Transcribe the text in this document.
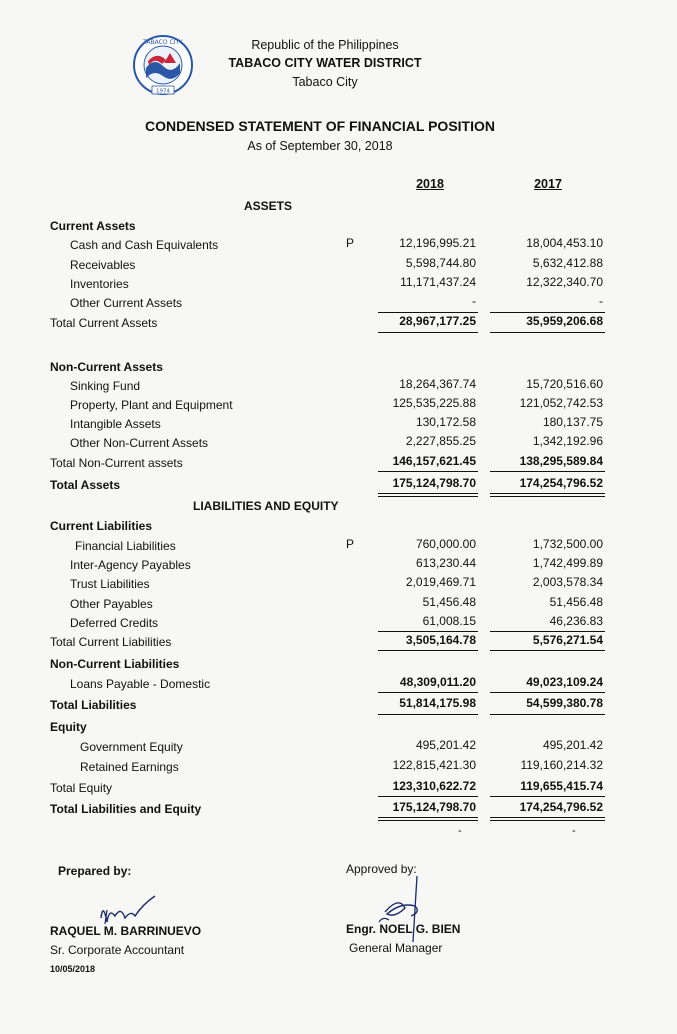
TABACO CITY
1974
Republic of the Philippines
TABACO CITY WATER DISTRICT
Tabaco City
CONDENSED STATEMENT OF FINANCIAL POSITION
As of September 30, 2018
2018	2017
ASSETS
Current Assets
Cash and Cash Equivalents	P	12,196,995.21	18,004,453.10
Receivables	5,598,744.80	5,632,412.88
Inventories	11,171,437.24	12,322,340.70
Other Current Assets	-	-
Total Current Assets	28,967,177.25	35,959,206.68
Non-Current Assets
Sinking Fund	18,264,367.74	15,720,516.60
Property, Plant and Equipment	125,535,225.88	121,052,742.53
Intangible Assets	130,172.58	180,137.75
Other Non-Current Assets	2,227,855.25	1,342,192.96
Total Non-Current assets	146,157,621.45	138,295,589.84
Total Assets	175,124,798.70	174,254,796.52
LIABILITIES AND EQUITY
Current Liabilities
Financial Liabilities	P	760,000.00	1,732,500.00
Inter-Agency Payables	613,230.44	1,742,499.89
Trust Liabilities	2,019,469.71	2,003,578.34
Other Payables	51,456.48	51,456.48
Deferred Credits	61,008.15	46,236.83
Total Current Liabilities	3,505,164.78	5,576,271.54
Non-Current Liabilities
Loans Payable - Domestic	48,309,011.20	49,023,109.24
Total Liabilities	51,814,175.98	54,599,380.78
Equity
Government Equity	495,201.42	495,201.42
Retained Earnings	122,815,421.30	119,160,214.32
Total Equity	123,310,622.72	119,655,415.74
Total Liabilities and Equity	175,124,798.70	174,254,796.52
-	-
Prepared by:
RAQUEL M. BARRINUEVO
Sr. Corporate Accountant
10/05/2018
Approved by:
Engr. NOEL G. BIEN
General Manager
